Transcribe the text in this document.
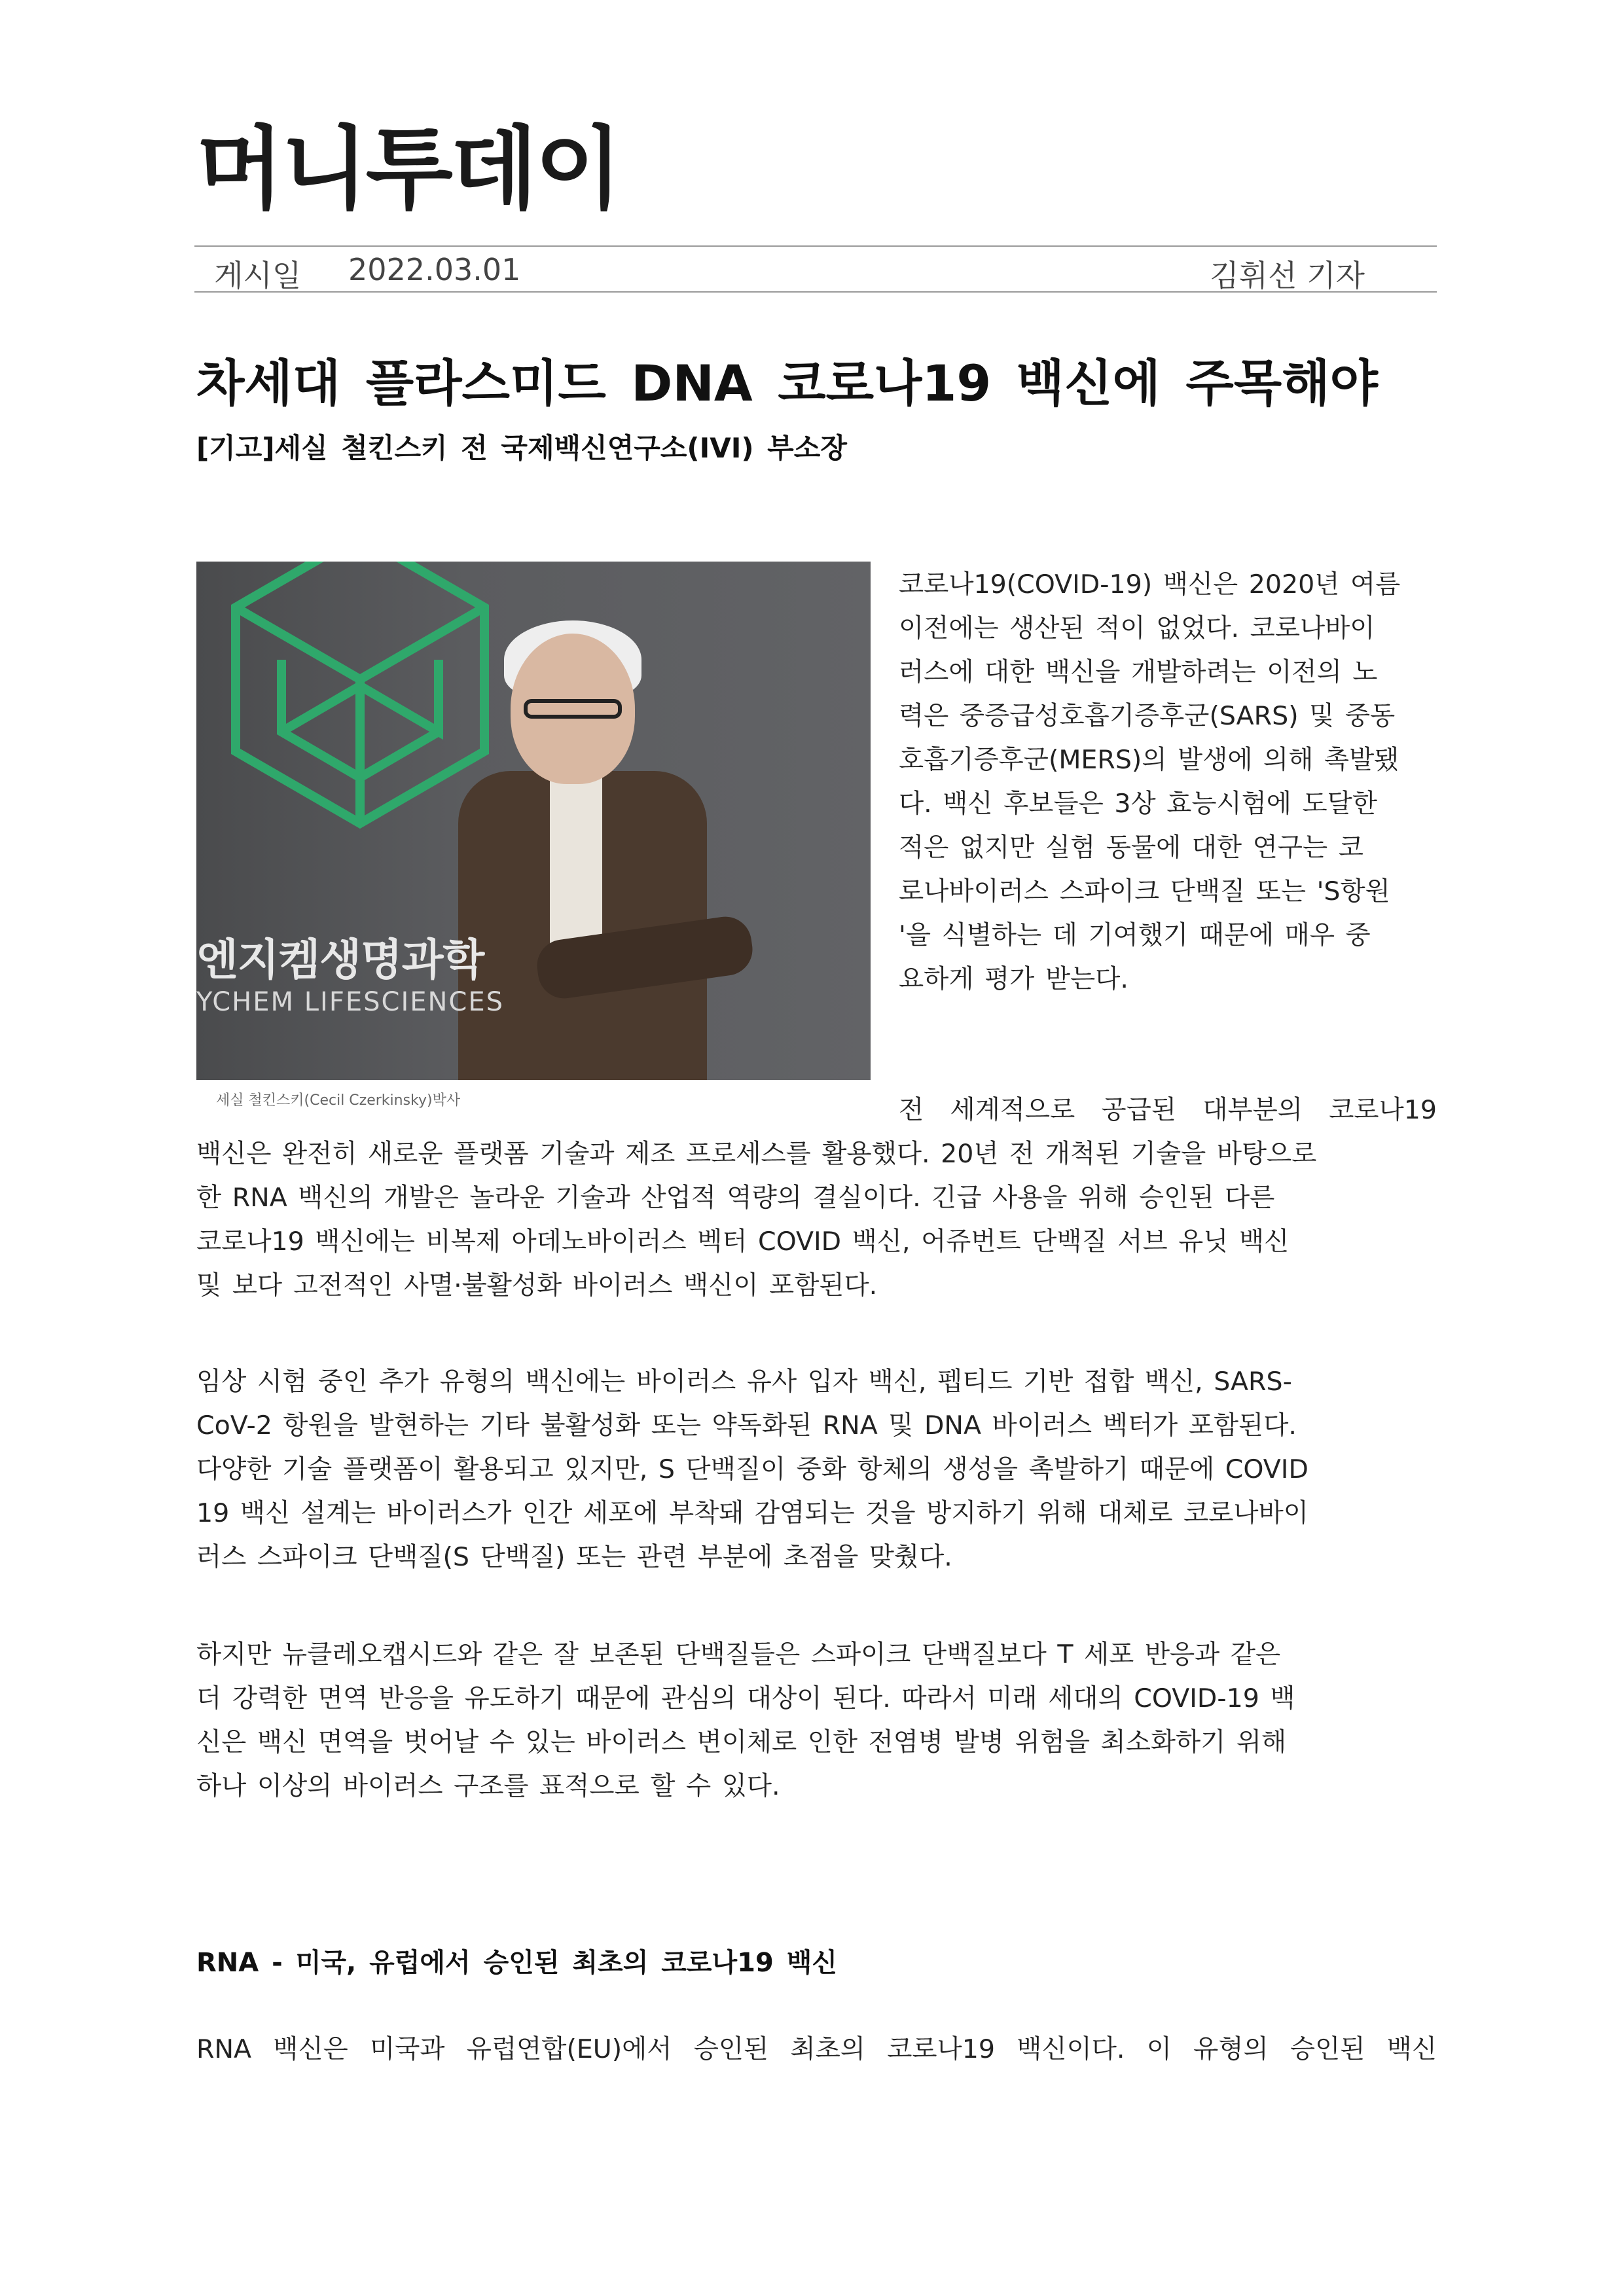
머니투데이
게시일 2022.03.01	김휘선 기자
차세대 플라스미드 DNA 코로나19 백신에 주목해야
[기고]세실 철킨스키 전 국제백신연구소(IVI) 부소장
엔지켐생명과학
YCHEM LIFESCIENCES
세실 철킨스키(Cecil Czerkinsky)박사
코로나19(COVID-19) 백신은 2020년 여름
이전에는 생산된 적이 없었다. 코로나바이
러스에 대한 백신을 개발하려는 이전의 노
력은 중증급성호흡기증후군(SARS) 및 중동
호흡기증후군(MERS)의 발생에 의해 촉발됐
다. 백신 후보들은 3상 효능시험에 도달한
적은 없지만 실험 동물에 대한 연구는 코
로나바이러스 스파이크 단백질 또는 'S항원
'을 식별하는 데 기여했기 때문에 매우 중
요하게 평가 받는다.
전 세계적으로 공급된 대부분의 코로나19
백신은 완전히 새로운 플랫폼 기술과 제조 프로세스를 활용했다. 20년 전 개척된 기술을 바탕으로
한 RNA 백신의 개발은 놀라운 기술과 산업적 역량의 결실이다. 긴급 사용을 위해 승인된 다른
코로나19 백신에는 비복제 아데노바이러스 벡터 COVID 백신, 어쥬번트 단백질 서브 유닛 백신
및 보다 고전적인 사멸·불활성화 바이러스 백신이 포함된다.
임상 시험 중인 추가 유형의 백신에는 바이러스 유사 입자 백신, 펩티드 기반 접합 백신, SARS-
CoV-2 항원을 발현하는 기타 불활성화 또는 약독화된 RNA 및 DNA 바이러스 벡터가 포함된다.
다양한 기술 플랫폼이 활용되고 있지만, S 단백질이 중화 항체의 생성을 촉발하기 때문에 COVID
19 백신 설계는 바이러스가 인간 세포에 부착돼 감염되는 것을 방지하기 위해 대체로 코로나바이
러스 스파이크 단백질(S 단백질) 또는 관련 부분에 초점을 맞췄다.
하지만 뉴클레오캡시드와 같은 잘 보존된 단백질들은 스파이크 단백질보다 T 세포 반응과 같은
더 강력한 면역 반응을 유도하기 때문에 관심의 대상이 된다. 따라서 미래 세대의 COVID-19 백
신은 백신 면역을 벗어날 수 있는 바이러스 변이체로 인한 전염병 발병 위험을 최소화하기 위해
하나 이상의 바이러스 구조를 표적으로 할 수 있다.
RNA - 미국, 유럽에서 승인된 최초의 코로나19 백신
RNA 백신은 미국과 유럽연합(EU)에서 승인된 최초의 코로나19 백신이다. 이 유형의 승인된 백신
